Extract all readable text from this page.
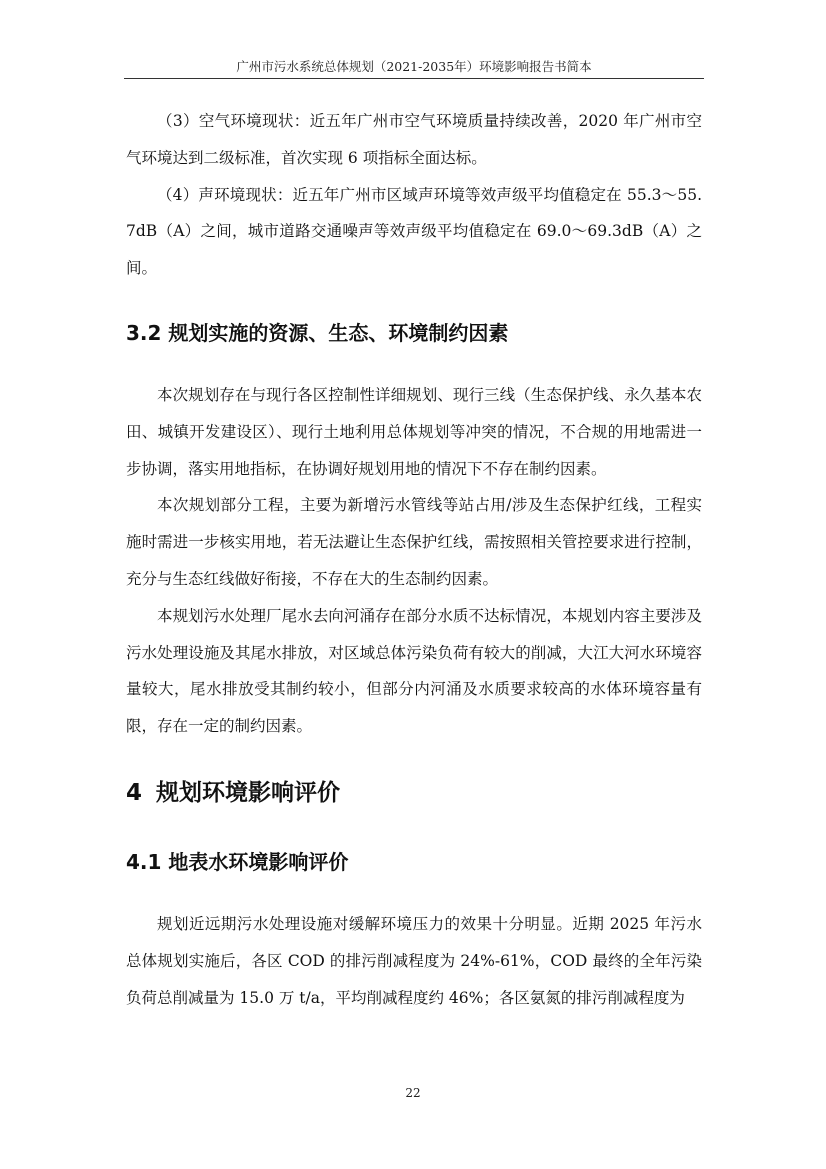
广州市污水系统总体规划（2021-2035年）环境影响报告书简本

（3）空气环境现状：近五年广州市空气环境质量持续改善，2020 年广州市空气环境达到二级标准，首次实现 6 项指标全面达标。

（4）声环境现状：近五年广州市区域声环境等效声级平均值稳定在 55.3～55.7dB（A）之间，城市道路交通噪声等效声级平均值稳定在 69.0～69.3dB（A）之间。

3.2 规划实施的资源、生态、环境制约因素

本次规划存在与现行各区控制性详细规划、现行三线（生态保护线、永久基本农田、城镇开发建设区）、现行土地利用总体规划等冲突的情况，不合规的用地需进一步协调，落实用地指标，在协调好规划用地的情况下不存在制约因素。

本次规划部分工程，主要为新增污水管线等站占用/涉及生态保护红线，工程实施时需进一步核实用地，若无法避让生态保护红线，需按照相关管控要求进行控制，充分与生态红线做好衔接，不存在大的生态制约因素。

本规划污水处理厂尾水去向河涌存在部分水质不达标情况，本规划内容主要涉及污水处理设施及其尾水排放，对区域总体污染负荷有较大的削减，大江大河水环境容量较大，尾水排放受其制约较小，但部分内河涌及水质要求较高的水体环境容量有限，存在一定的制约因素。

4 规划环境影响评价
4.1 地表水环境影响评价

规划近远期污水处理设施对缓解环境压力的效果十分明显。近期 2025 年污水总体规划实施后，各区 COD 的排污削减程度为 24%-61%，COD 最终的全年污染负荷总削减量为 15.0 万 t/a，平均削减程度约 46%；各区氨氮的排污削减程度为

22
